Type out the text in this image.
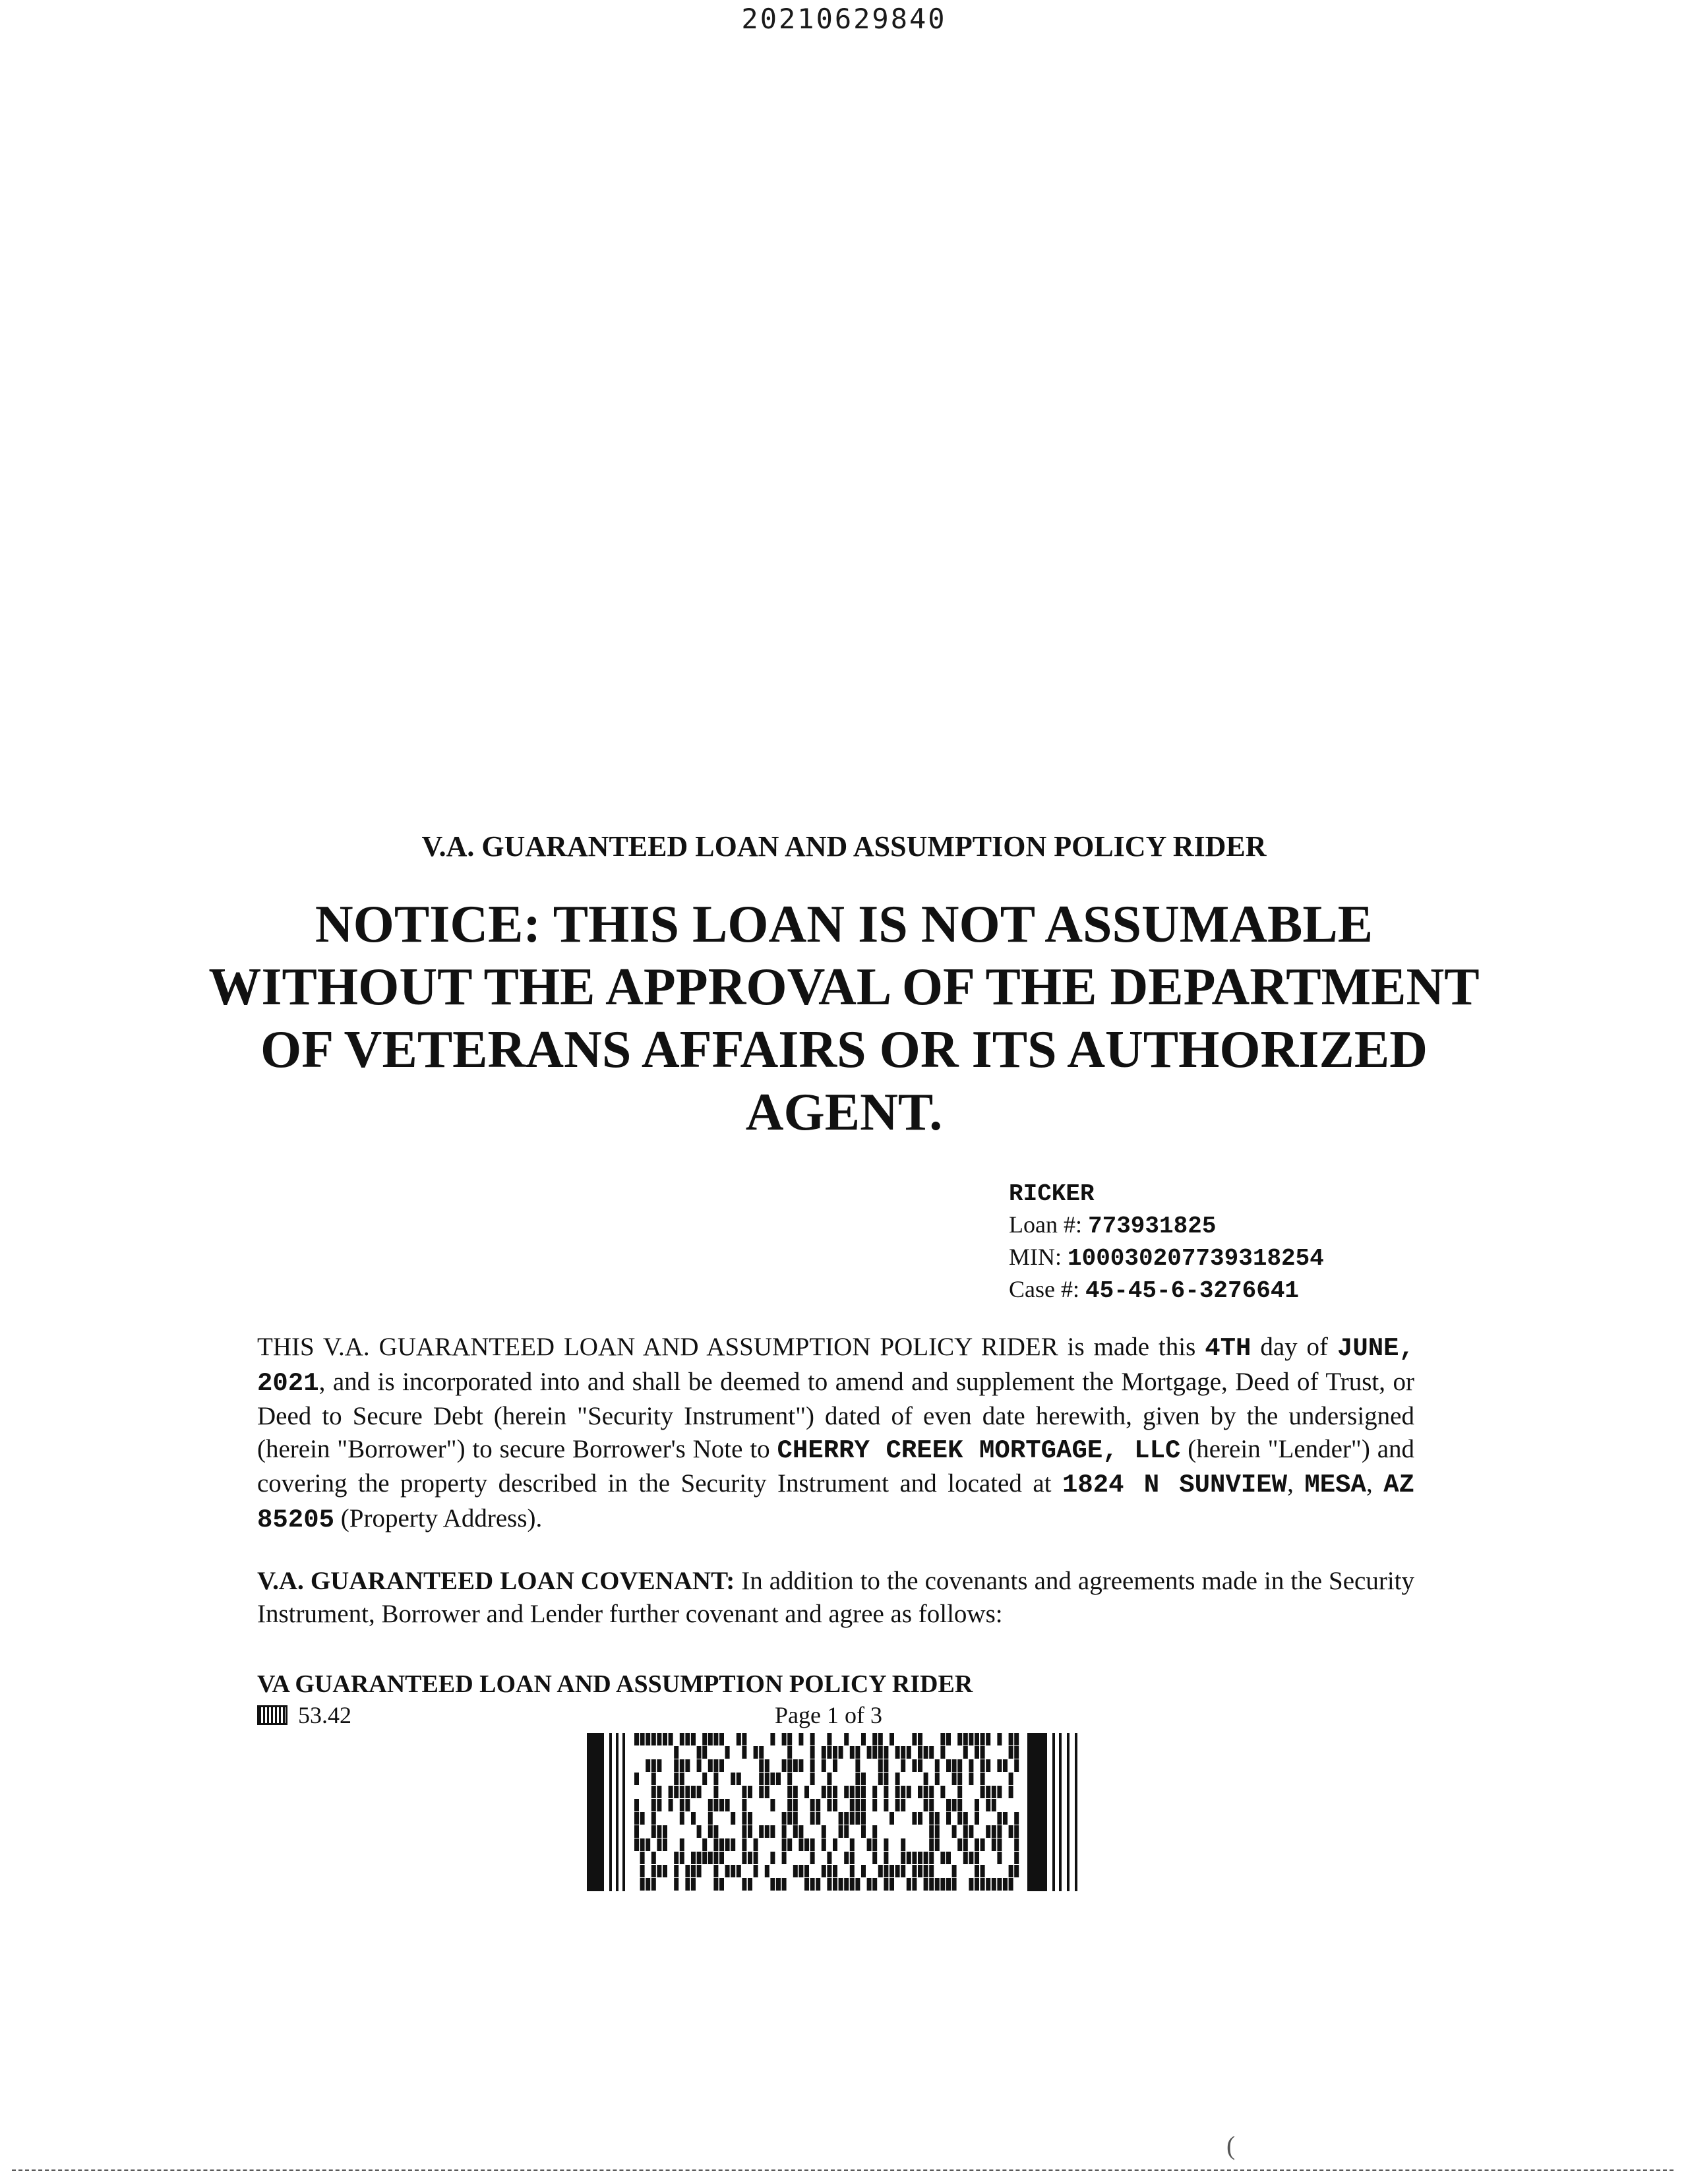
20210629840
V.A. GUARANTEED LOAN AND ASSUMPTION POLICY RIDER
NOTICE: THIS LOAN IS NOT ASSUMABLE WITHOUT THE APPROVAL OF THE DEPARTMENT OF VETERANS AFFAIRS OR ITS AUTHORIZED AGENT.
RICKER
Loan #: 773931825
MIN: 100030207739318254
Case #: 45-45-6-3276641
THIS V.A. GUARANTEED LOAN AND ASSUMPTION POLICY RIDER is made this 4TH day of JUNE, 2021, and is incorporated into and shall be deemed to amend and supplement the Mortgage, Deed of Trust, or Deed to Secure Debt (herein "Security Instrument") dated of even date herewith, given by the undersigned (herein "Borrower") to secure Borrower's Note to CHERRY CREEK MORTGAGE, LLC (herein "Lender") and covering the property described in the Security Instrument and located at 1824 N SUNVIEW, MESA, AZ 85205 (Property Address).
V.A. GUARANTEED LOAN COVENANT: In addition to the covenants and agreements made in the Security Instrument, Borrower and Lender further covenant and agree as follows:
VA GUARANTEED LOAN AND ASSUMPTION POLICY RIDER
53.42	Page 1 of 3
(
